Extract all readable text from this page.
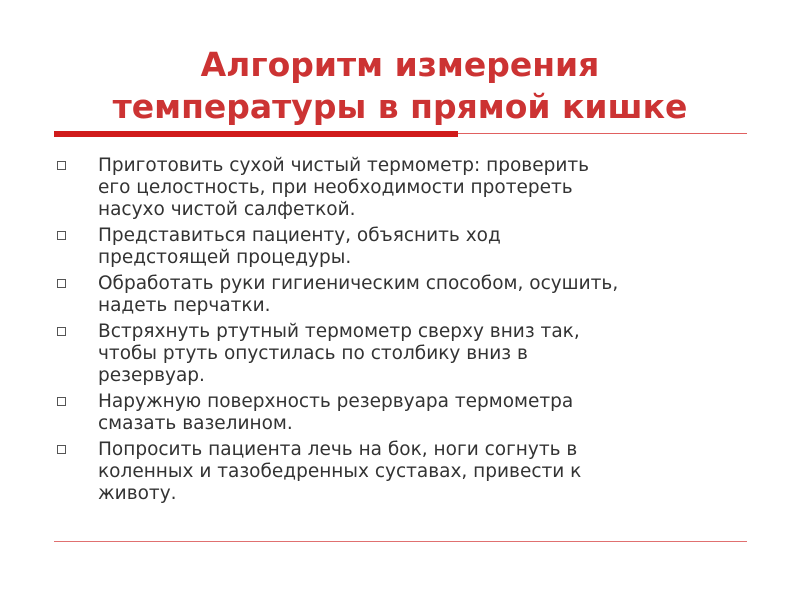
Алгоритм измерения
температуры в прямой кишке
Приготовить сухой чистый термометр: проверить
его целостность, при необходимости протереть
насухо чистой салфеткой.
Представиться пациенту, объяснить ход
предстоящей процедуры.
Обработать руки гигиеническим способом, осушить,
надеть перчатки.
Встряхнуть ртутный термометр сверху вниз так,
чтобы ртуть опустилась по столбику вниз в
резервуар.
Наружную поверхность резервуара термометра
смазать вазелином.
Попросить пациента лечь на бок, ноги согнуть в
коленных и тазобедренных суставах, привести к
животу.
